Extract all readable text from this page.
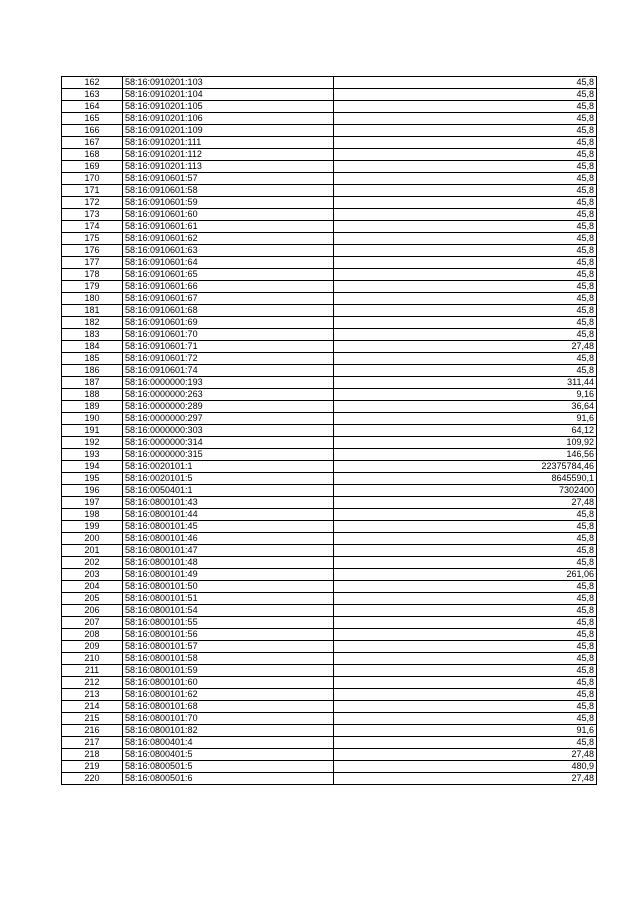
162	58:16:0910201:103	45,8
163	58:16:0910201:104	45,8
164	58:16:0910201:105	45,8
165	58:16:0910201:106	45,8
166	58:16:0910201:109	45,8
167	58:16:0910201:111	45,8
168	58:16:0910201:112	45,8
169	58:16:0910201:113	45,8
170	58:16:0910601:57	45,8
171	58:16:0910601:58	45,8
172	58:16:0910601:59	45,8
173	58:16:0910601:60	45,8
174	58:16:0910601:61	45,8
175	58:16:0910601:62	45,8
176	58:16:0910601:63	45,8
177	58:16:0910601:64	45,8
178	58:16:0910601:65	45,8
179	58:16:0910601:66	45,8
180	58:16:0910601:67	45,8
181	58:16:0910601:68	45,8
182	58:16:0910601:69	45,8
183	58:16:0910601:70	45,8
184	58:16:0910601:71	27,48
185	58:16:0910601:72	45,8
186	58:16:0910601:74	45,8
187	58:16:0000000:193	311,44
188	58:16:0000000:263	9,16
189	58:16:0000000:289	36,64
190	58:16:0000000:297	91,6
191	58:16:0000000:303	64,12
192	58:16:0000000:314	109,92
193	58:16:0000000:315	146,56
194	58:16:0020101:1	22375784,46
195	58:16:0020101:5	8645590,1
196	58:16:0050401:1	7302400
197	58:16:0800101:43	27,48
198	58:16:0800101:44	45,8
199	58:16:0800101:45	45,8
200	58:16:0800101:46	45,8
201	58:16:0800101:47	45,8
202	58:16:0800101:48	45,8
203	58:16:0800101:49	261,06
204	58:16:0800101:50	45,8
205	58:16:0800101:51	45,8
206	58:16:0800101:54	45,8
207	58:16:0800101:55	45,8
208	58:16:0800101:56	45,8
209	58:16:0800101:57	45,8
210	58:16:0800101:58	45,8
211	58:16:0800101:59	45,8
212	58:16:0800101:60	45,8
213	58:16:0800101:62	45,8
214	58:16:0800101:68	45,8
215	58:16:0800101:70	45,8
216	58:16:0800101:82	91,6
217	58:16:0800401:4	45,8
218	58:16:0800401:5	27,48
219	58:16:0800501:5	480,9
220	58:16:0800501:6	27,48
